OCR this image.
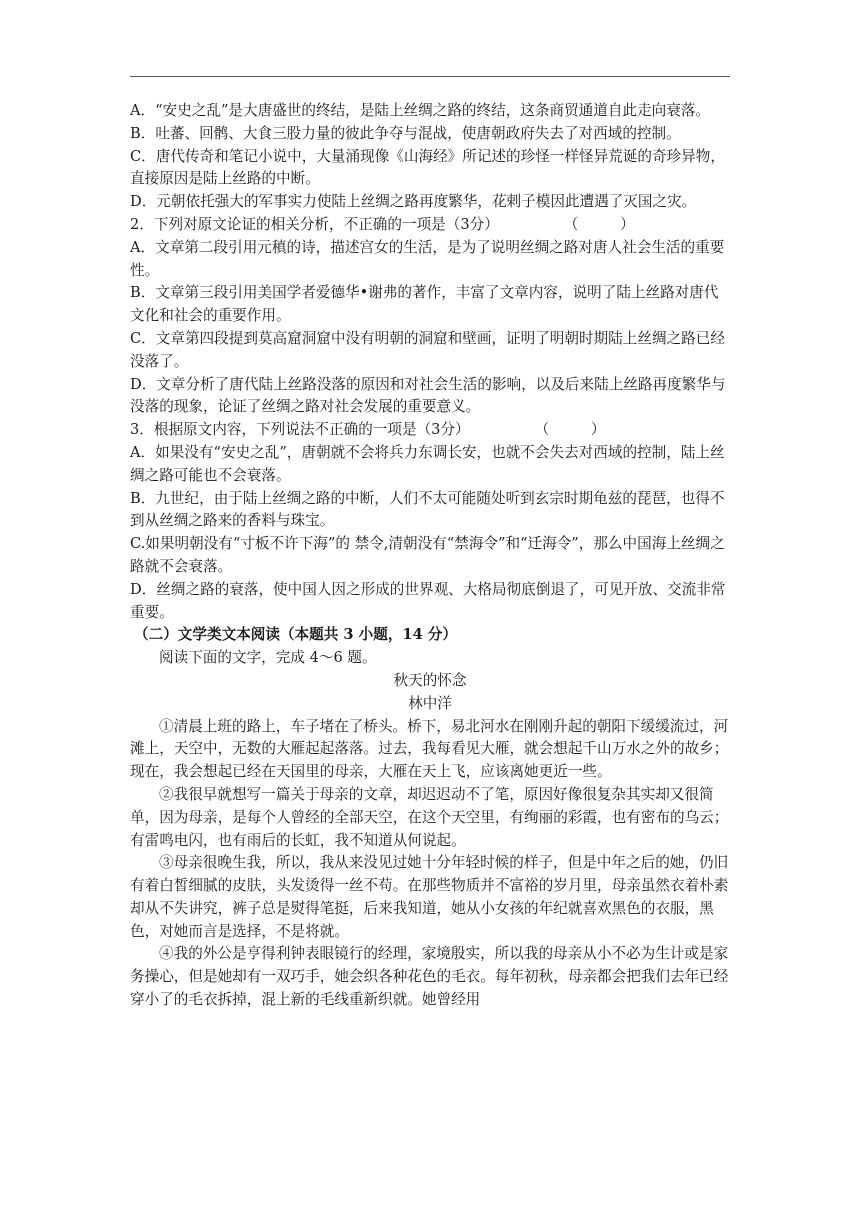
A．“安史之乱”是大唐盛世的终结，是陆上丝绸之路的终结，这条商贸通道自此走向衰落。

B．吐蕃、回鹘、大食三股力量的彼此争夺与混战，使唐朝政府失去了对西域的控制。

C．唐代传奇和笔记小说中，大量涌现像《山海经》所记述的珍怪一样怪异荒诞的奇珍异物，直接原因是陆上丝路的中断。

D．元朝依托强大的军事实力使陆上丝绸之路再度繁华，花剌子模因此遭遇了灭国之灾。

2．下列对原文论证的相关分析，不正确的一项是（3分）              （         ）

A．文章第二段引用元稹的诗，描述宫女的生活，是为了说明丝绸之路对唐人社会生活的重要性。

B．文章第三段引用美国学者爱德华•谢弗的著作，丰富了文章内容，说明了陆上丝路对唐代文化和社会的重要作用。

C．文章第四段提到莫高窟洞窟中没有明朝的洞窟和壁画，证明了明朝时期陆上丝绸之路已经没落了。

D．文章分析了唐代陆上丝路没落的原因和对社会生活的影响，以及后来陆上丝路再度繁华与没落的现象，论证了丝绸之路对社会发展的重要意义。

3．根据原文内容，下列说法不正确的一项是（3分）              （         ）

A．如果没有“安史之乱”，唐朝就不会将兵力东调长安，也就不会失去对西域的控制，陆上丝绸之路可能也不会衰落。

B．九世纪，由于陆上丝绸之路的中断，人们不太可能随处听到玄宗时期龟兹的琵琶，也得不到从丝绸之路来的香料与珠宝。

C.如果明朝没有“寸板不许下海”的 禁令,清朝没有“禁海令”和“迁海令”，那么中国海上丝绸之路就不会衰落。

D．丝绸之路的衰落，使中国人因之形成的世界观、大格局彻底倒退了，可见开放、交流非常重要。

（二）文学类文本阅读（本题共 3 小题，14 分）

阅读下面的文字，完成 4～6 题。

秋天的怀念

林中洋

①清晨上班的路上，车子堵在了桥头。桥下，易北河水在刚刚升起的朝阳下缓缓流过，河滩上，天空中，无数的大雁起起落落。过去，我每看见大雁，就会想起千山万水之外的故乡；现在，我会想起已经在天国里的母亲，大雁在天上飞，应该离她更近一些。

②我很早就想写一篇关于母亲的文章，却迟迟动不了笔，原因好像很复杂其实却又很简单，因为母亲，是每个人曾经的全部天空，在这个天空里，有绚丽的彩霞，也有密布的乌云；有雷鸣电闪，也有雨后的长虹，我不知道从何说起。

③母亲很晚生我，所以，我从来没见过她十分年轻时候的样子，但是中年之后的她，仍旧有着白皙细腻的皮肤，头发烫得一丝不苟。在那些物质并不富裕的岁月里，母亲虽然衣着朴素却从不失讲究，裤子总是熨得笔挺，后来我知道，她从小女孩的年纪就喜欢黑色的衣服，黑色，对她而言是选择，不是将就。

④我的外公是亨得利钟表眼镜行的经理，家境殷实，所以我的母亲从小不必为生计或是家务操心，但是她却有一双巧手，她会织各种花色的毛衣。每年初秋，母亲都会把我们去年已经穿小了的毛衣拆掉，混上新的毛线重新织就。她曾经用
